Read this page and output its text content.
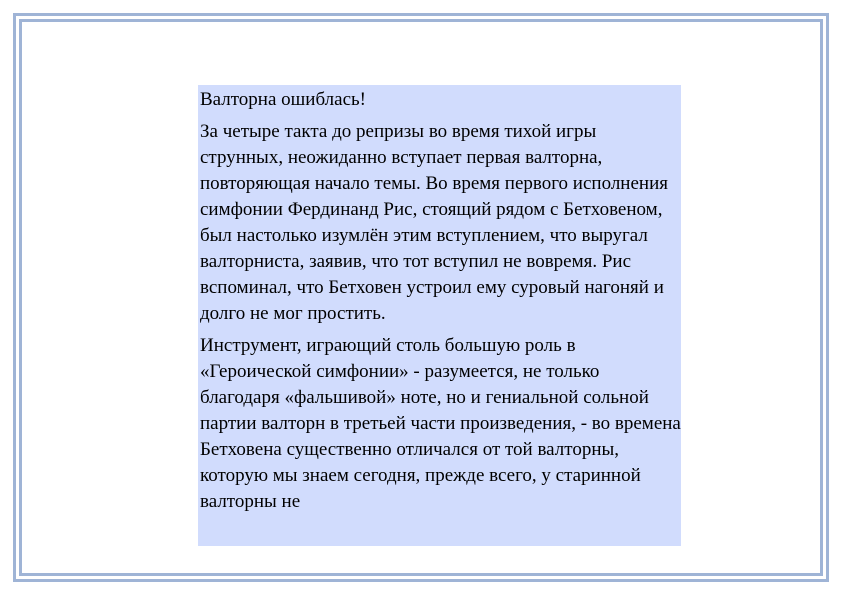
Валторна ошиблась!

За четыре такта до репризы во время тихой игры струнных, неожиданно вступает первая валторна, повторяющая начало темы. Во время первого исполнения симфонии Фердинанд Рис, стоящий рядом с Бетховеном, был настолько изумлён этим вступлением, что выругал валторниста, заявив, что тот вступил не вовремя. Рис вспоминал, что Бетховен устроил ему суровый нагоняй и долго не мог простить.

Инструмент, играющий столь большую роль в «Героической симфонии» - разумеется, не только благодаря «фальшивой» ноте, но и гениальной сольной партии валторн в третьей части произведения, - во времена Бетховена существенно отличался от той валторны, которую мы знаем сегодня, прежде всего, у старинной валторны не
